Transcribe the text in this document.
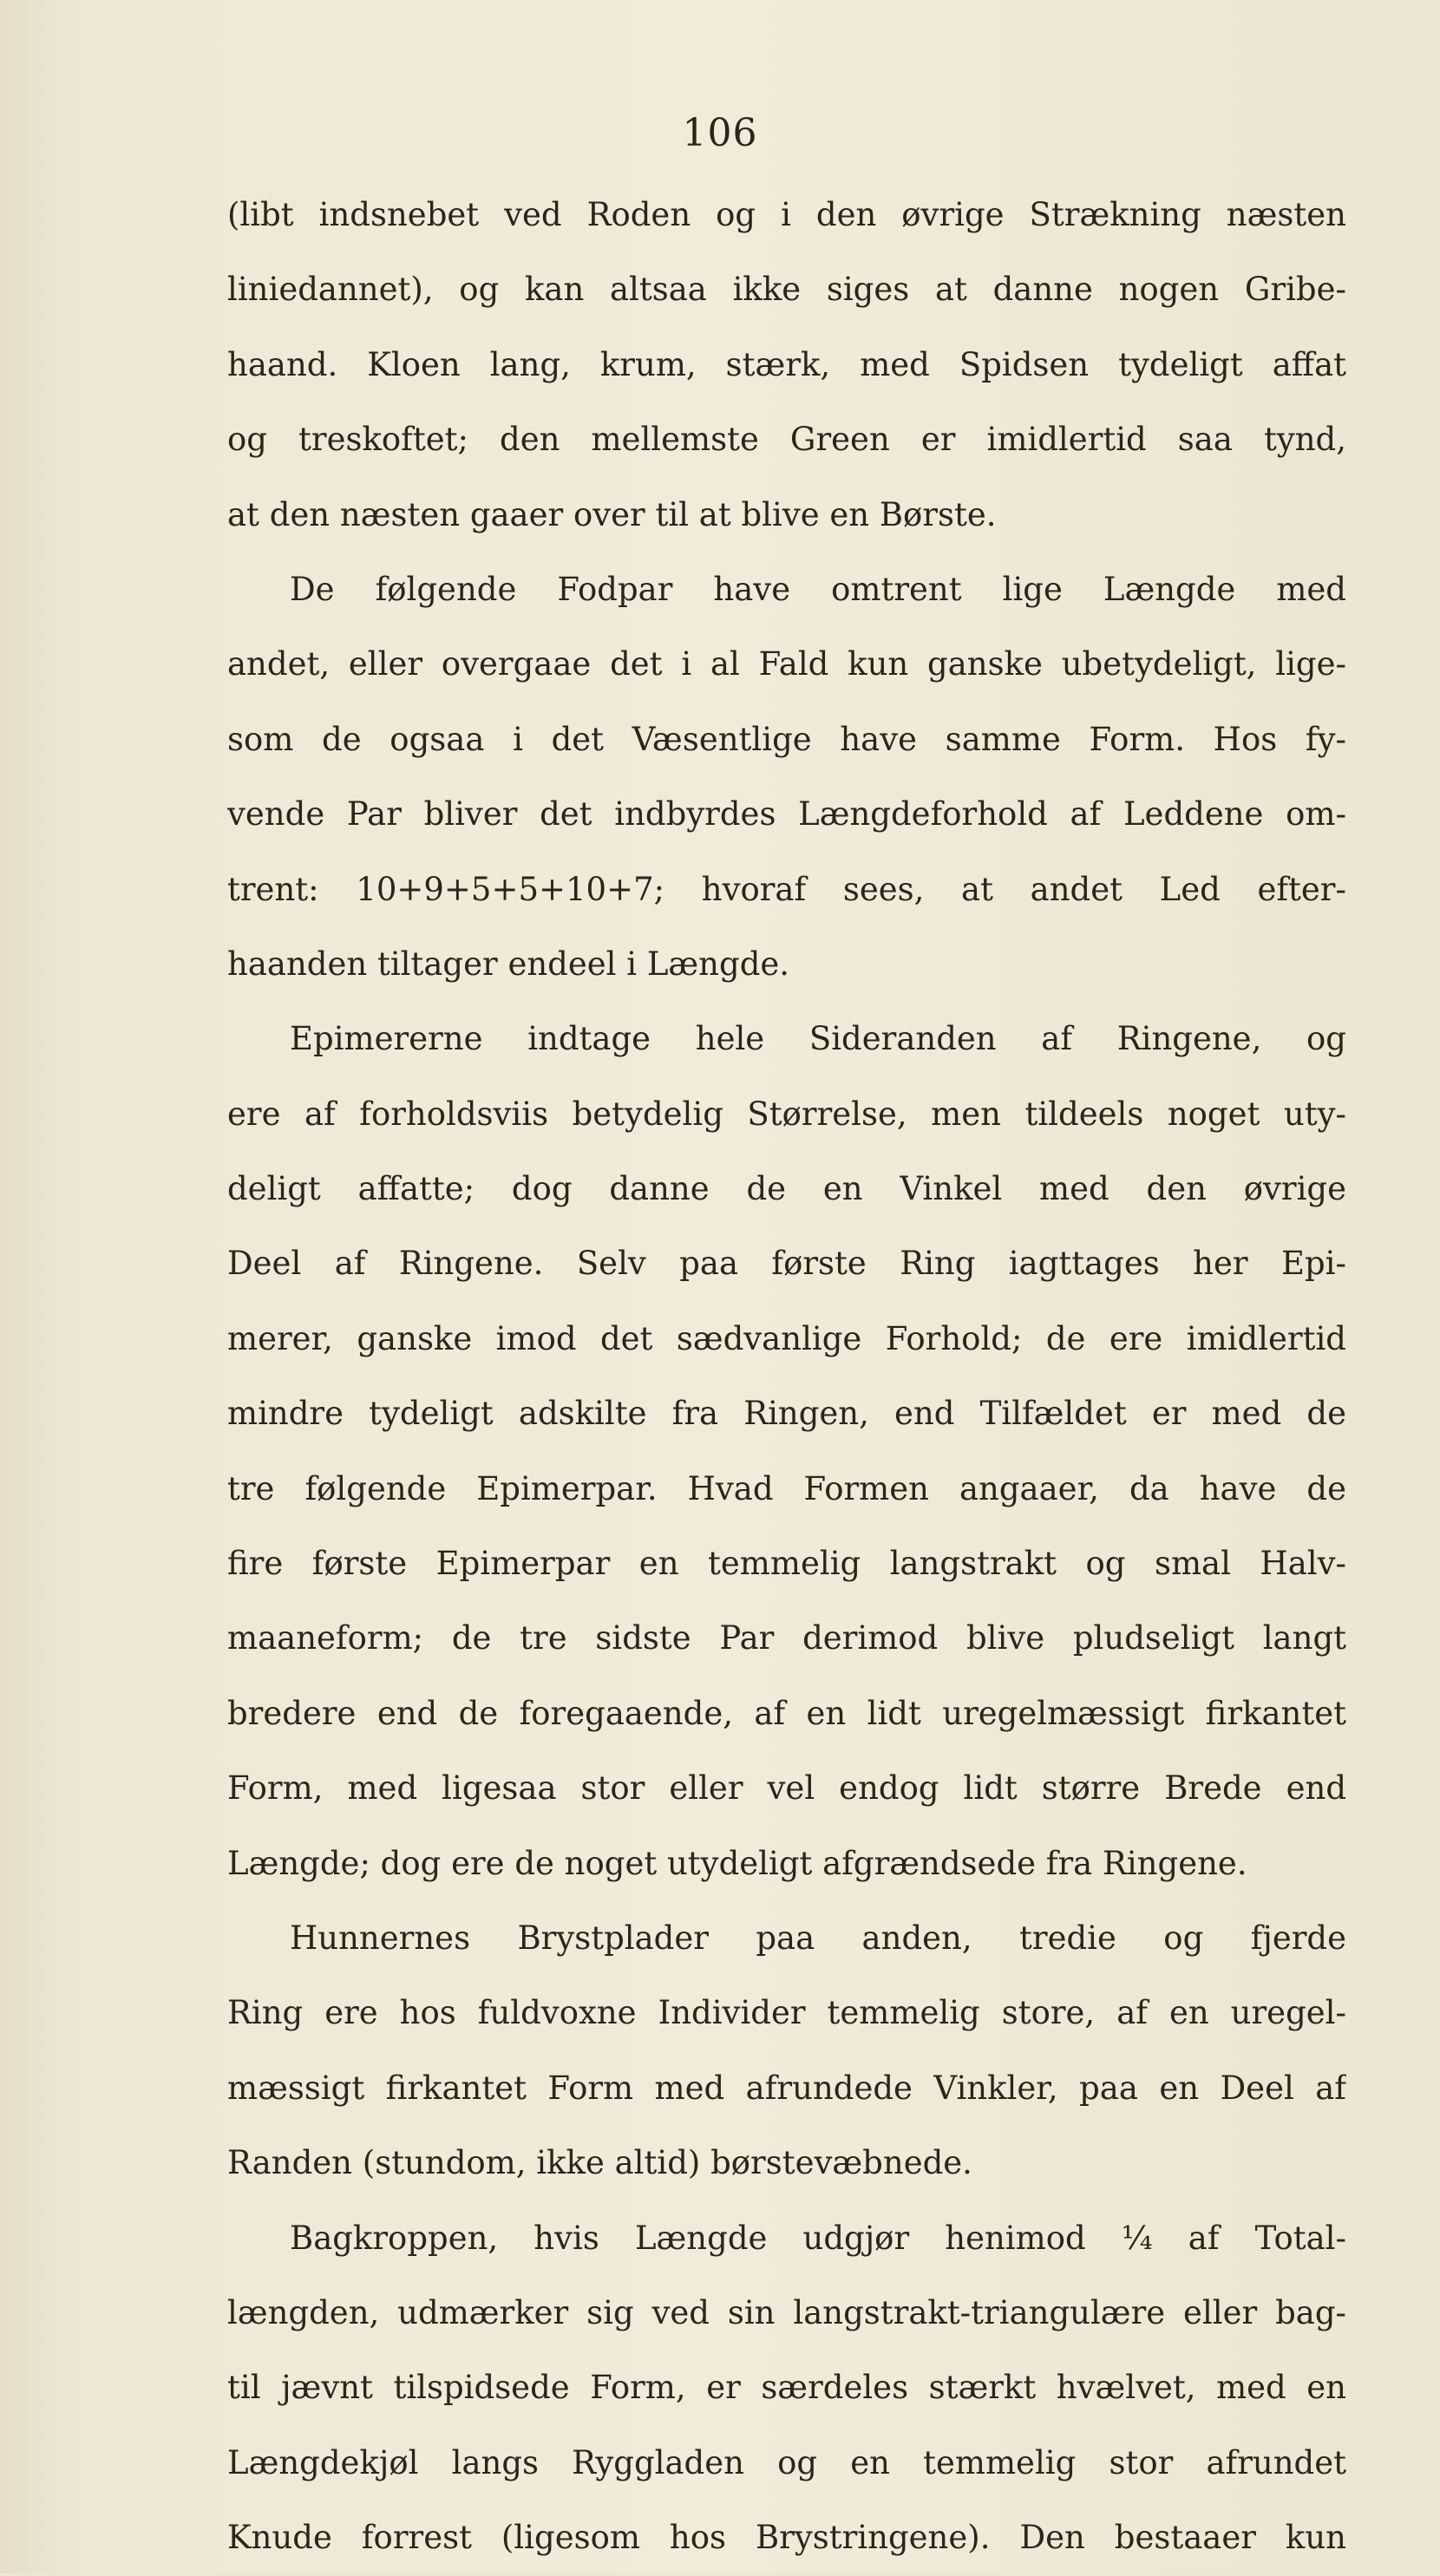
106
(libt indsnebet ved Roden og i den øvrige Strækning næsten
liniedannet), og kan altsaa ikke siges at danne nogen Gribe-
haand. Kloen lang, krum, stærk, med Spidsen tydeligt affat
og treskoftet; den mellemste Green er imidlertid saa tynd,
at den næsten gaaer over til at blive en Børste.
De følgende Fodpar have omtrent lige Længde med
andet, eller overgaae det i al Fald kun ganske ubetydeligt, lige-
som de ogsaa i det Væsentlige have samme Form. Hos fy-
vende Par bliver det indbyrdes Længdeforhold af Leddene om-
trent: 10+9+5+5+10+7; hvoraf sees, at andet Led efter-
haanden tiltager endeel i Længde.
Epimererne indtage hele Sideranden af Ringene, og
ere af forholdsviis betydelig Størrelse, men tildeels noget uty-
deligt affatte; dog danne de en Vinkel med den øvrige
Deel af Ringene. Selv paa første Ring iagttages her Epi-
merer, ganske imod det sædvanlige Forhold; de ere imidlertid
mindre tydeligt adskilte fra Ringen, end Tilfældet er med de
tre følgende Epimerpar. Hvad Formen angaaer, da have de
fire første Epimerpar en temmelig langstrakt og smal Halv-
maaneform; de tre sidste Par derimod blive pludseligt langt
bredere end de foregaaende, af en lidt uregelmæssigt firkantet
Form, med ligesaa stor eller vel endog lidt større Brede end
Længde; dog ere de noget utydeligt afgrændsede fra Ringene.
Hunnernes Brystplader paa anden, tredie og fjerde
Ring ere hos fuldvoxne Individer temmelig store, af en uregel-
mæssigt firkantet Form med afrundede Vinkler, paa en Deel af
Randen (stundom, ikke altid) børstevæbnede.
Bagkroppen, hvis Længde udgjør henimod ¼ af Total-
længden, udmærker sig ved sin langstrakt-triangulære eller bag-
til jævnt tilspidsede Form, er særdeles stærkt hvælvet, med en
Længdekjøl langs Ryggladen og en temmelig stor afrundet
Knude forrest (ligesom hos Brystringene). Den bestaaer kun
